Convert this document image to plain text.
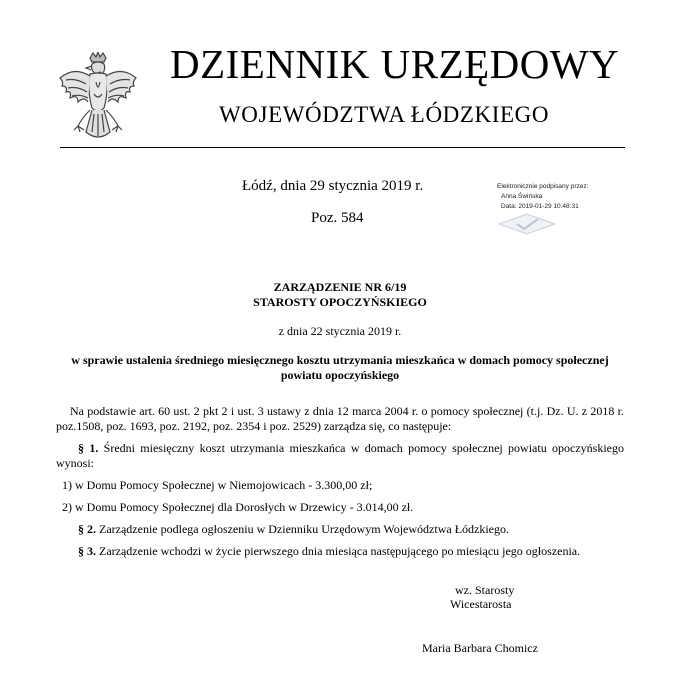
DZIENNIK URZĘDOWY
WOJEWÓDZTWA ŁÓDZKIEGO
Łódź, dnia 29 stycznia 2019 r.
Poz. 584
Elektronicznie podpisany przez:
Anna Świńska
Data: 2019-01-29 10:48:31

ZARZĄDZENIE NR 6/19

STAROSTY OPOCZYŃSKIEGO

z dnia 22 stycznia 2019 r.

w sprawie ustalenia średniego miesięcznego kosztu utrzymania mieszkańca w domach pomocy społecznej

powiatu opoczyńskiego

Na podstawie art. 60 ust. 2 pkt 2 i ust. 3 ustawy z dnia 12 marca 2004 r. o pomocy społecznej (t.j. Dz. U. z 2018 r. poz.1508, poz. 1693, poz. 2192, poz. 2354 i poz. 2529) zarządza się, co następuje:

§ 1. Średni miesięczny koszt utrzymania mieszkańca w domach pomocy społecznej powiatu opoczyńskiego wynosi:

1) w Domu Pomocy Społecznej w Niemojowicach - 3.300,00 zł;

2) w Domu Pomocy Społecznej dla Dorosłych w Drzewicy - 3.014,00 zł.

§ 2. Zarządzenie podlega ogłoszeniu w Dzienniku Urzędowym Województwa Łódzkiego.

§ 3. Zarządzenie wchodzi w życie pierwszego dnia miesiąca następującego po miesiącu jego ogłoszenia.

wz. Starosty
Wicestarosta
Maria Barbara Chomicz
